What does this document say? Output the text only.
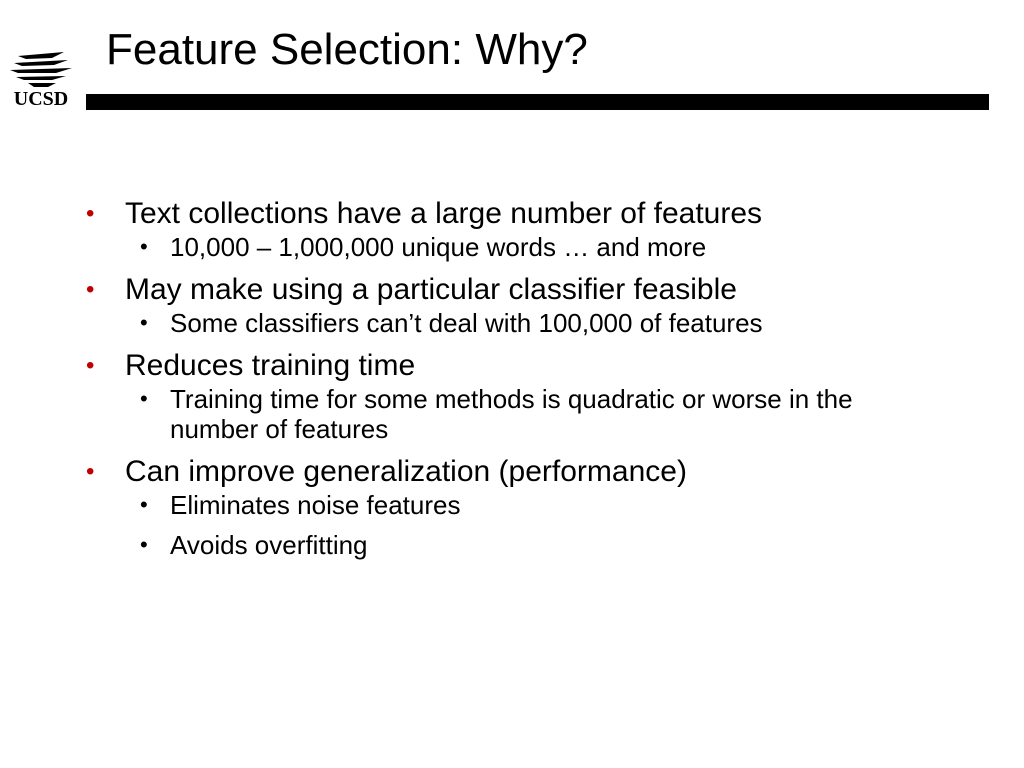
UCSD
Feature Selection: Why?
• Text collections have a large number of features
• 10,000 – 1,000,000 unique words … and more
• May make using a particular classifier feasible
• Some classifiers can’t deal with 100,000 of features
• Reduces training time
• Training time for some methods is quadratic or worse in the number of features
• Can improve generalization (performance)
• Eliminates noise features
• Avoids overfitting
